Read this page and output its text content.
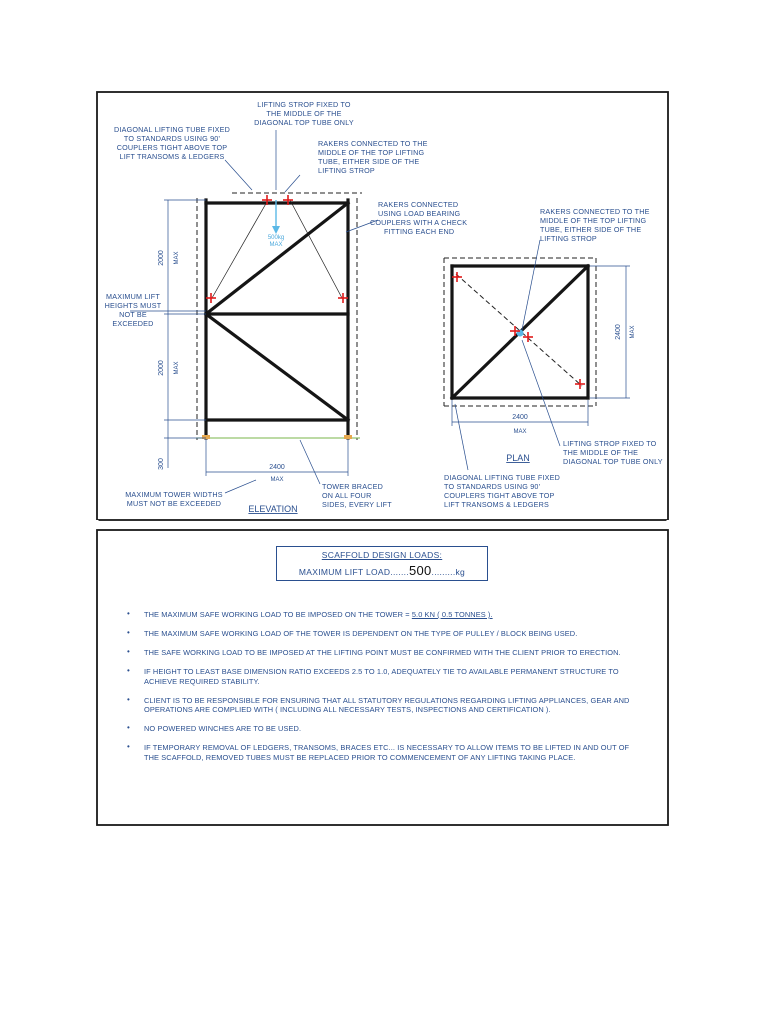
500kg
MAX
2000 MAX
2000 MAX
300	2400
MAX
LIFTING STROP FIXED TO
THE MIDDLE OF THE
DIAGONAL TOP TUBE ONLY
DIAGONAL LIFTING TUBE FIXED
TO STANDARDS USING 90'
COUPLERS TIGHT ABOVE TOP
LIFT TRANSOMS & LEDGERS
RAKERS CONNECTED TO THE
MIDDLE OF THE TOP LIFTING
TUBE, EITHER SIDE OF THE
LIFTING STROP
RAKERS CONNECTED
USING LOAD BEARING
COUPLERS WITH A CHECK
FITTING EACH END
MAXIMUM LIFT
HEIGHTS MUST
NOT BE
EXCEEDED
MAXIMUM TOWER WIDTHS
MUST NOT BE EXCEEDED
TOWER BRACED
ON ALL FOUR
SIDES, EVERY LIFT
ELEVATION
2400
MAX
2400 MAX
RAKERS CONNECTED TO THE
MIDDLE OF THE TOP LIFTING
TUBE, EITHER SIDE OF THE
LIFTING STROP
LIFTING STROP FIXED TO
THE MIDDLE OF THE
DIAGONAL TOP TUBE ONLY
PLAN
DIAGONAL LIFTING TUBE FIXED
TO STANDARDS USING 90'
COUPLERS TIGHT ABOVE TOP
LIFT TRANSOMS & LEDGERS
SCAFFOLD DESIGN LOADS:
MAXIMUM LIFT LOAD.......500.........kg
• THE MAXIMUM SAFE WORKING LOAD TO BE IMPOSED ON THE TOWER = 5.0 KN ( 0.5 TONNES ).
• THE MAXIMUM SAFE WORKING LOAD OF THE TOWER IS DEPENDENT ON THE TYPE OF PULLEY / BLOCK BEING USED.
• THE SAFE WORKING LOAD TO BE IMPOSED AT THE LIFTING POINT MUST BE CONFIRMED WITH THE CLIENT PRIOR TO ERECTION.
• IF HEIGHT TO LEAST BASE DIMENSION RATIO EXCEEDS 2.5 TO 1.0, ADEQUATELY TIE TO AVAILABLE PERMANENT STRUCTURE TO ACHIEVE REQUIRED STABILITY.
• CLIENT IS TO BE RESPONSIBLE FOR ENSURING THAT ALL STATUTORY REGULATIONS REGARDING LIFTING APPLIANCES, GEAR AND OPERATIONS ARE COMPLIED WITH ( INCLUDING ALL NECESSARY TESTS, INSPECTIONS AND CERTIFICATION ).
• NO POWERED WINCHES ARE TO BE USED.
• IF TEMPORARY REMOVAL OF LEDGERS, TRANSOMS, BRACES ETC... IS NECESSARY TO ALLOW ITEMS TO BE LIFTED IN AND OUT OF THE SCAFFOLD, REMOVED TUBES MUST BE REPLACED PRIOR TO COMMENCEMENT OF ANY LIFTING TAKING PLACE.
